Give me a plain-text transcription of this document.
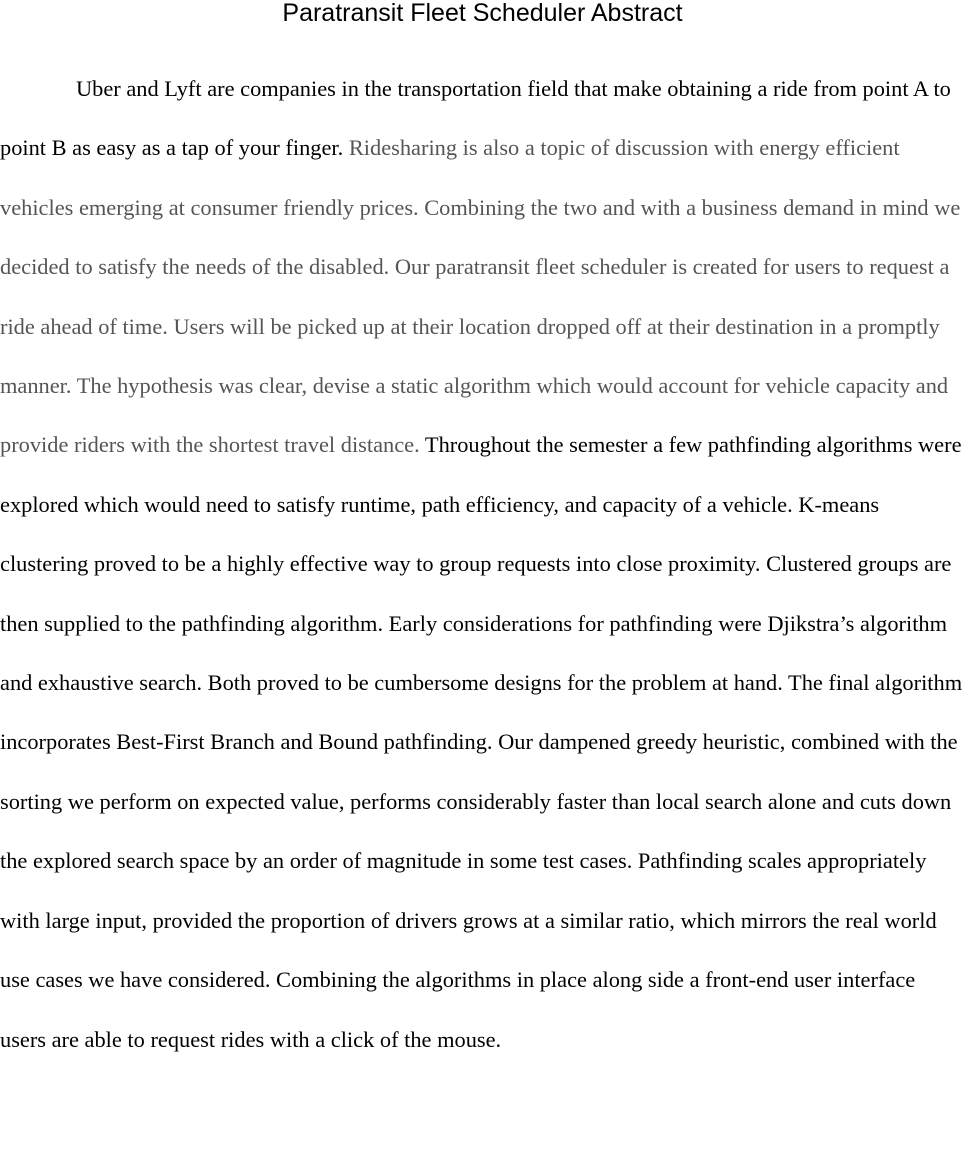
Paratransit Fleet Scheduler Abstract

Uber and Lyft are companies in the transportation field that make obtaining a ride from point A to point B as easy as a tap of your finger. Ridesharing is also a topic of discussion with energy efficient vehicles emerging at consumer friendly prices. Combining the two and with a business demand in mind we decided to satisfy the needs of the disabled. Our paratransit fleet scheduler is created for users to request a ride ahead of time. Users will be picked up at their location dropped off at their destination in a promptly manner. The hypothesis was clear, devise a static algorithm which would account for vehicle capacity and provide riders with the shortest travel distance. Throughout the semester a few pathfinding algorithms were explored which would need to satisfy runtime, path efficiency, and capacity of a vehicle. K-means clustering proved to be a highly effective way to group requests into close proximity. Clustered groups are then supplied to the pathfinding algorithm. Early considerations for pathfinding were Djikstra’s algorithm and exhaustive search. Both proved to be cumbersome designs for the problem at hand. The final algorithm incorporates Best-First Branch and Bound pathfinding. Our dampened greedy heuristic, combined with the sorting we perform on expected value, performs considerably faster than local search alone and cuts down the explored search space by an order of magnitude in some test cases. Pathfinding scales appropriately with large input, provided the proportion of drivers grows at a similar ratio, which mirrors the real world use cases we have considered. Combining the algorithms in place along side a front-end user interface users are able to request rides with a click of the mouse.
